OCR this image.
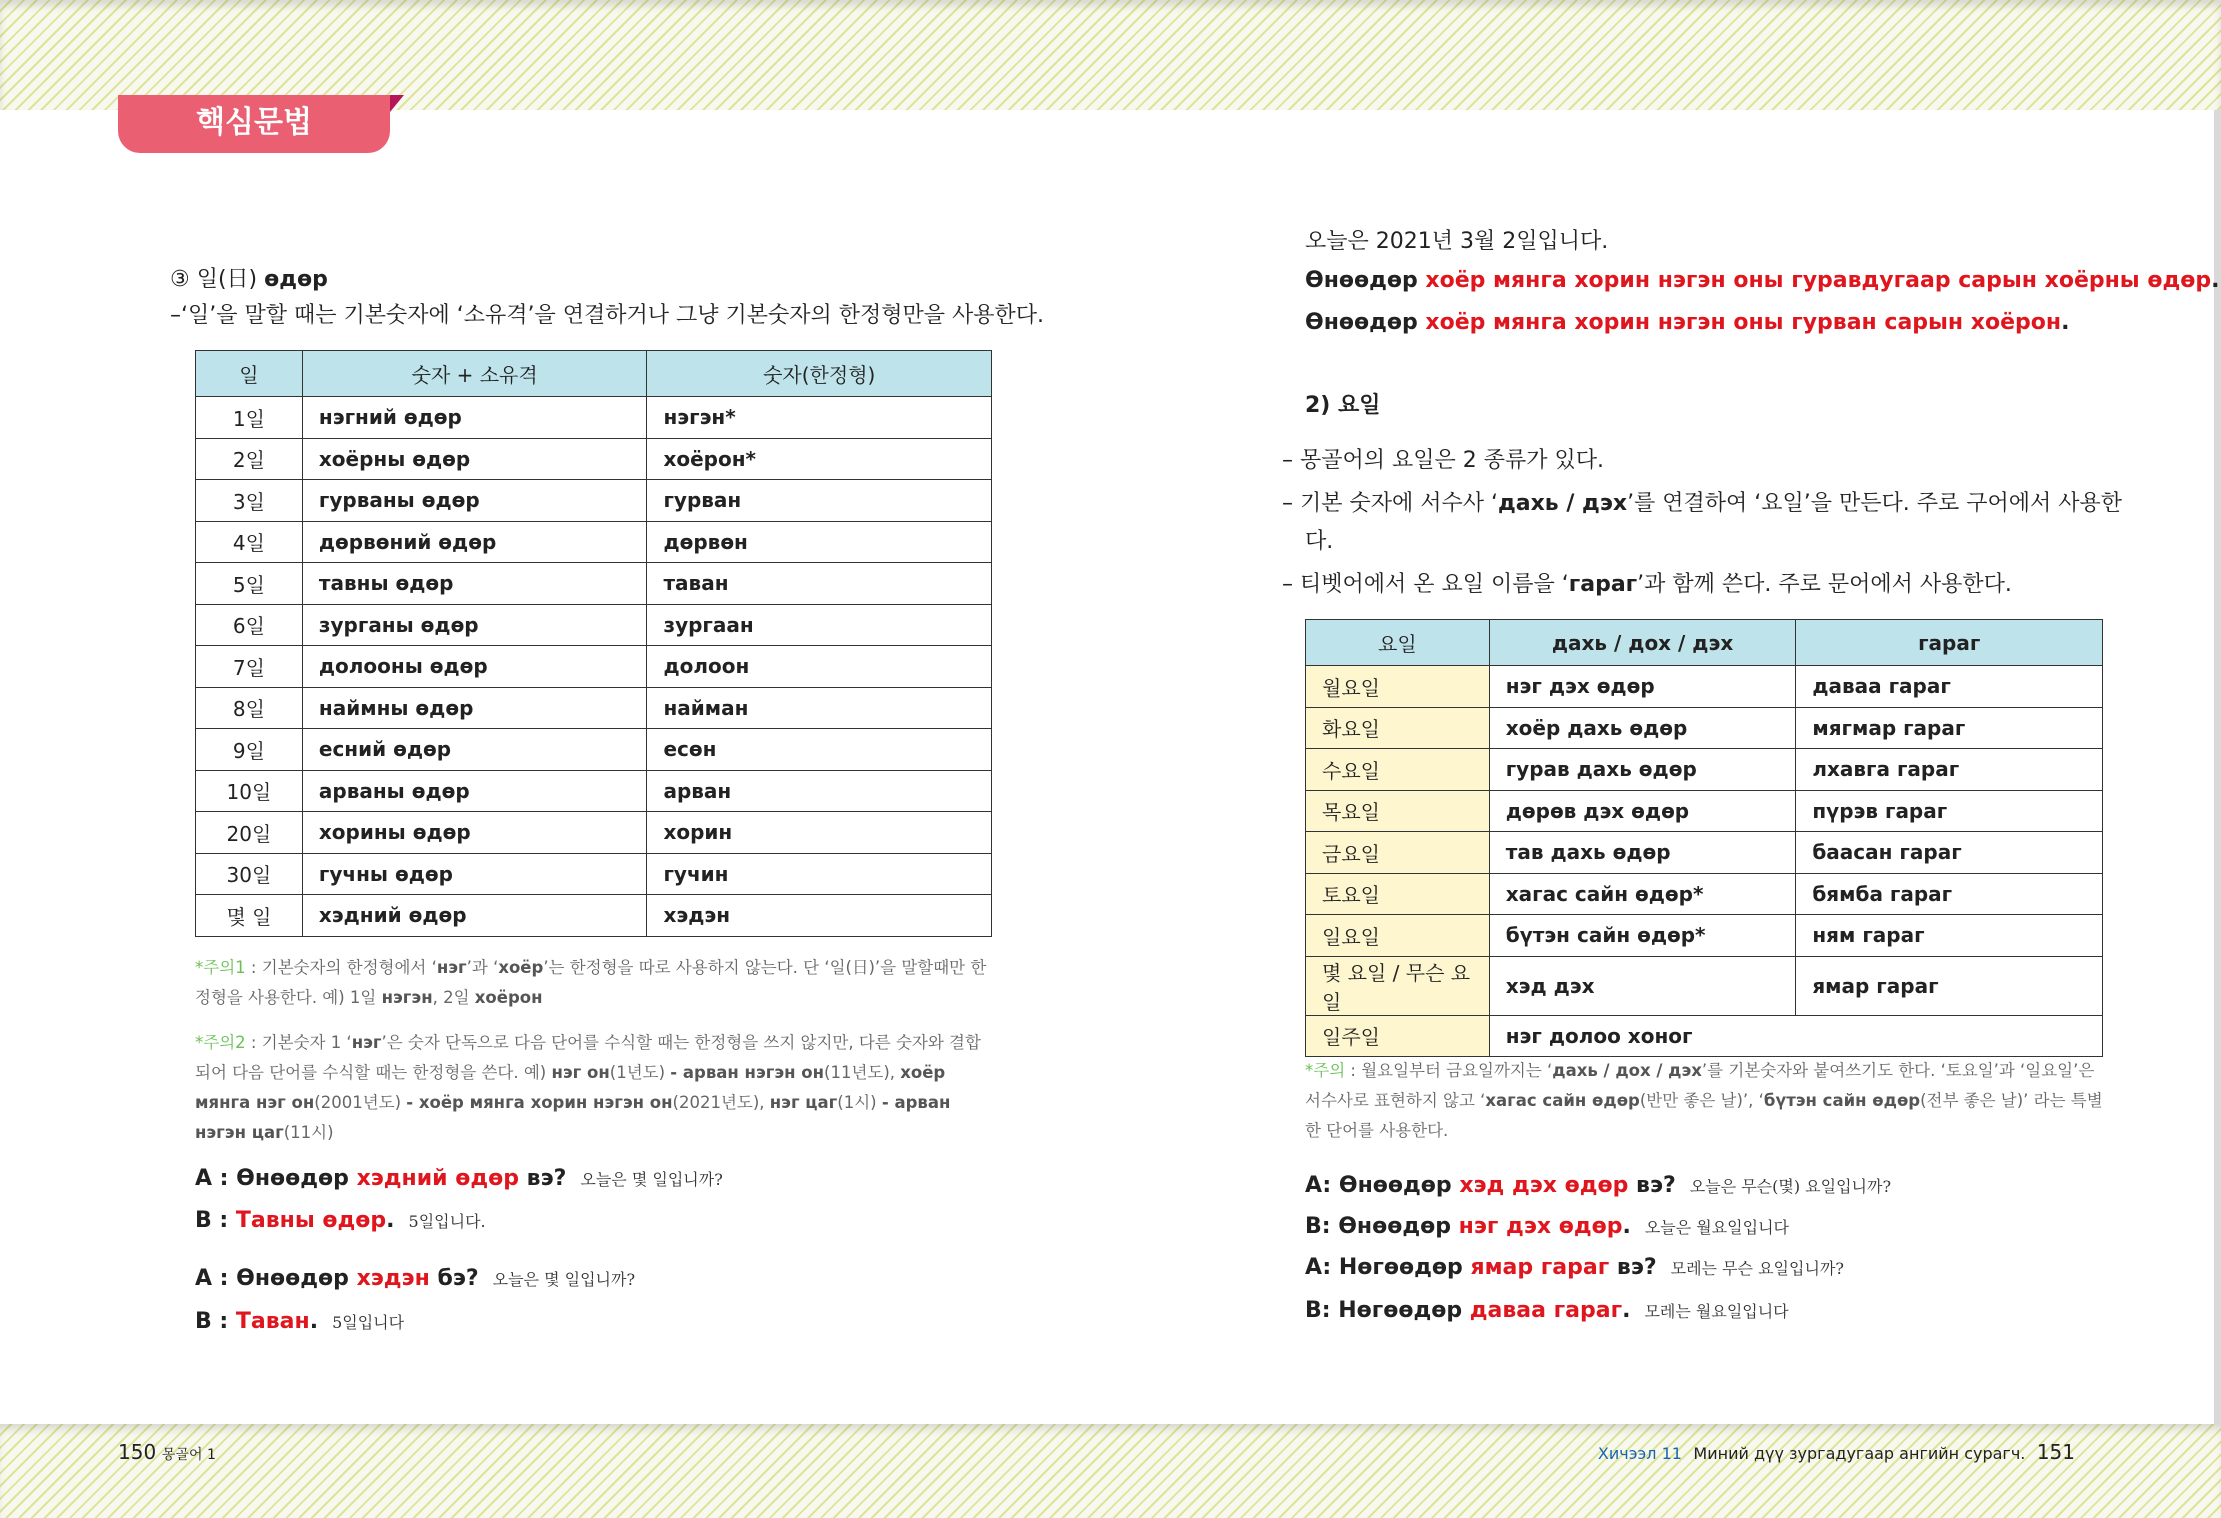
핵심문법
③ 일(日) өдөр
–‘일’을 말할 때는 기본숫자에 ‘소유격’을 연결하거나 그냥 기본숫자의 한정형만을 사용한다.
일	숫자 + 소유격	숫자(한정형)
1일	нэгний өдөр	нэгэн*
2일	хоёрны өдөр	хоёрон*
3일	гурваны өдөр	гурван
4일	дөрвөний өдөр	дөрвөн
5일	тавны өдөр	таван
6일	зурганы өдөр	зургаан
7일	долооны өдөр	долоон
8일	наймны өдөр	найман
9일	есний өдөр	есөн
10일	арваны өдөр	арван
20일	хорины өдөр	хорин
30일	гучны өдөр	гучин
몇 일	хэдний өдөр	хэдэн
*주의1 : 기본숫자의 한정형에서 ‘нэг’과 ‘хоёр’는 한정형을 따로 사용하지 않는다. 단 ‘일(日)’을 말할때만 한정형을 사용한다. 예) 1일 нэгэн, 2일 хоёрон
*주의2 : 기본숫자 1 ‘нэг’은 숫자 단독으로 다음 단어를 수식할 때는 한정형을 쓰지 않지만, 다른 숫자와 결합되어 다음 단어를 수식할 때는 한정형을 쓴다. 예) нэг он(1년도) - арван нэгэн он(11년도), хоёр мянга нэг он(2001년도) - хоёр мянга хорин нэгэн он(2021년도), нэг цаг(1시) - арван нэгэн цаг(11시)
A : Өнөөдөр хэдний өдөр вэ? 오늘은 몇 일입니까?
B : Тавны өдөр. 5일입니다.
A : Өнөөдөр хэдэн бэ? 오늘은 몇 일입니까?
B : Таван. 5일입니다
오늘은 2021년 3월 2일입니다.
Өнөөдөр хоёр мянга хорин нэгэн оны гуравдугаар сарын хоёрны өдөр.
Өнөөдөр хоёр мянга хорин нэгэн оны гурван сарын хоёрон.
2) 요일
– 몽골어의 요일은 2 종류가 있다.
– 기본 숫자에 서수사 ‘дахь / дэх’를 연결하여 ‘요일’을 만든다. 주로 구어에서 사용한
다.
– 티벳어에서 온 요일 이름을 ‘гараг’과 함께 쓴다. 주로 문어에서 사용한다.
요일	дахь / дох / дэх	гараг
월요일	нэг дэх өдөр	даваа гараг
화요일	хоёр дахь өдөр	мягмар гараг
수요일	гурав дахь өдөр	лхавга гараг
목요일	дөрөв дэх өдөр	пүрэв гараг
금요일	тав дахь өдөр	баасан гараг
토요일	хагас сайн өдөр*	бямба гараг
일요일	бүтэн сайн өдөр*	ням гараг
몇 요일 / 무슨 요일	хэд дэх	ямар гараг
일주일	нэг долоо хоног	
*주의 : 월요일부터 금요일까지는 ‘дахь / дох / дэх’를 기본숫자와 붙여쓰기도 한다. ‘토요일’과 ‘일요일’은 서수사로 표현하지 않고 ‘хагас сайн өдөр(반만 좋은 날)’, ‘бүтэн сайн өдөр(전부 좋은 날)’ 라는 특별한 단어를 사용한다.
A: Өнөөдөр хэд дэх өдөр вэ? 오늘은 무슨(몇) 요일입니까?
B: Өнөөдөр нэг дэх өдөр. 오늘은 월요일입니다
A: Нөгөөдөр ямар гараг вэ? 모레는 무슨 요일입니까?
B: Нөгөөдөр даваа гараг. 모레는 월요일입니다
150 몽골어 1	Хичээл 11 Миний дүү зургадугаар ангийн сурагч. 151
